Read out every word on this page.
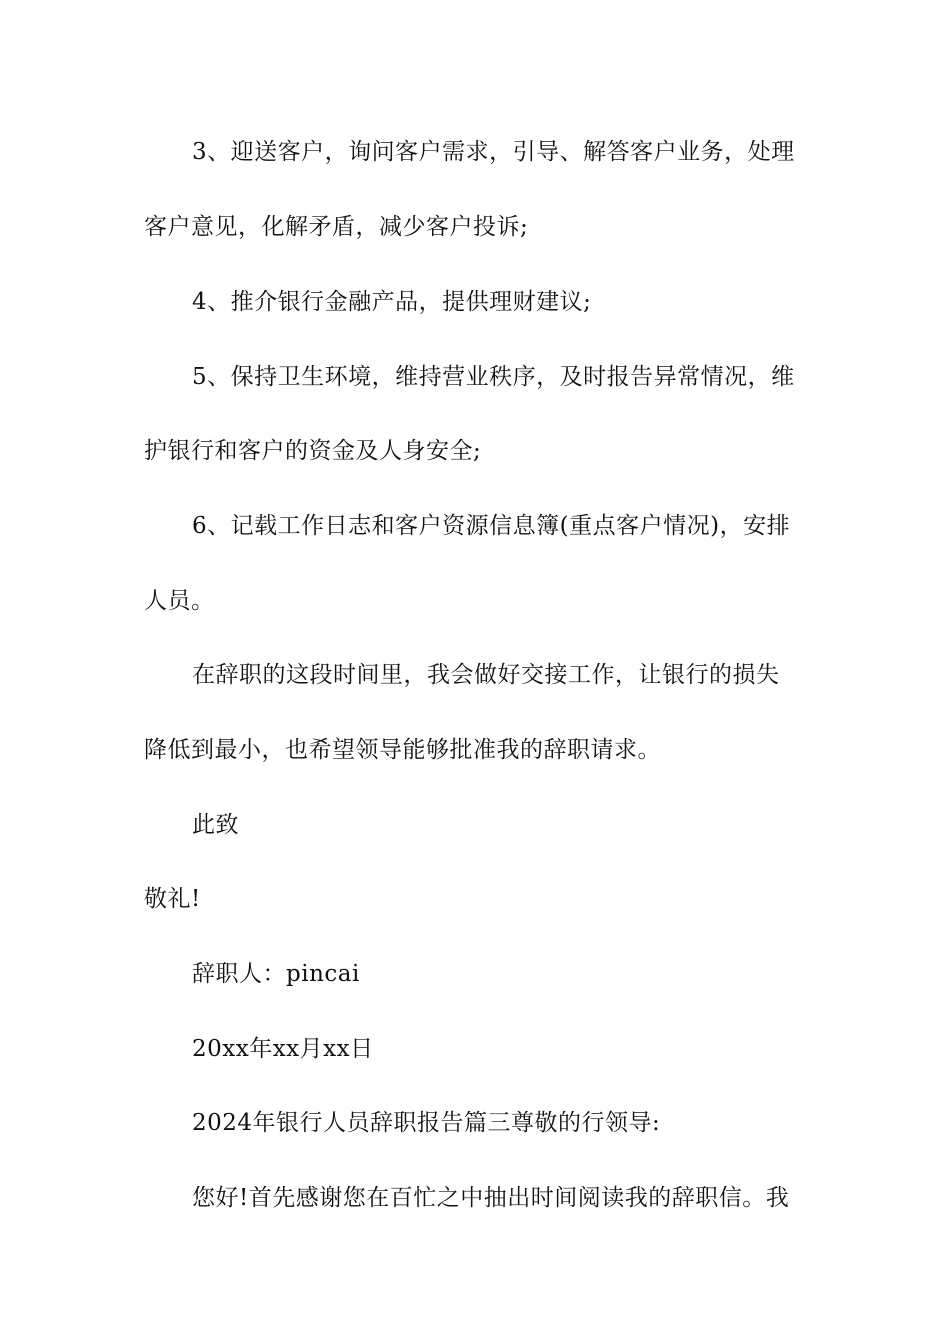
3、迎送客户，询问客户需求，引导、解答客户业务，处理
客户意见，化解矛盾，减少客户投诉;
4、推介银行金融产品，提供理财建议;
5、保持卫生环境，维持营业秩序，及时报告异常情况，维
护银行和客户的资金及人身安全;
6、记载工作日志和客户资源信息簿(重点客户情况)，安排
人员。
在辞职的这段时间里，我会做好交接工作，让银行的损失
降低到最小，也希望领导能够批准我的辞职请求。
此致
敬礼!
辞职人：pincai
20xx年xx月xx日
2024年银行人员辞职报告篇三尊敬的行领导:
您好!首先感谢您在百忙之中抽出时间阅读我的辞职信。我
